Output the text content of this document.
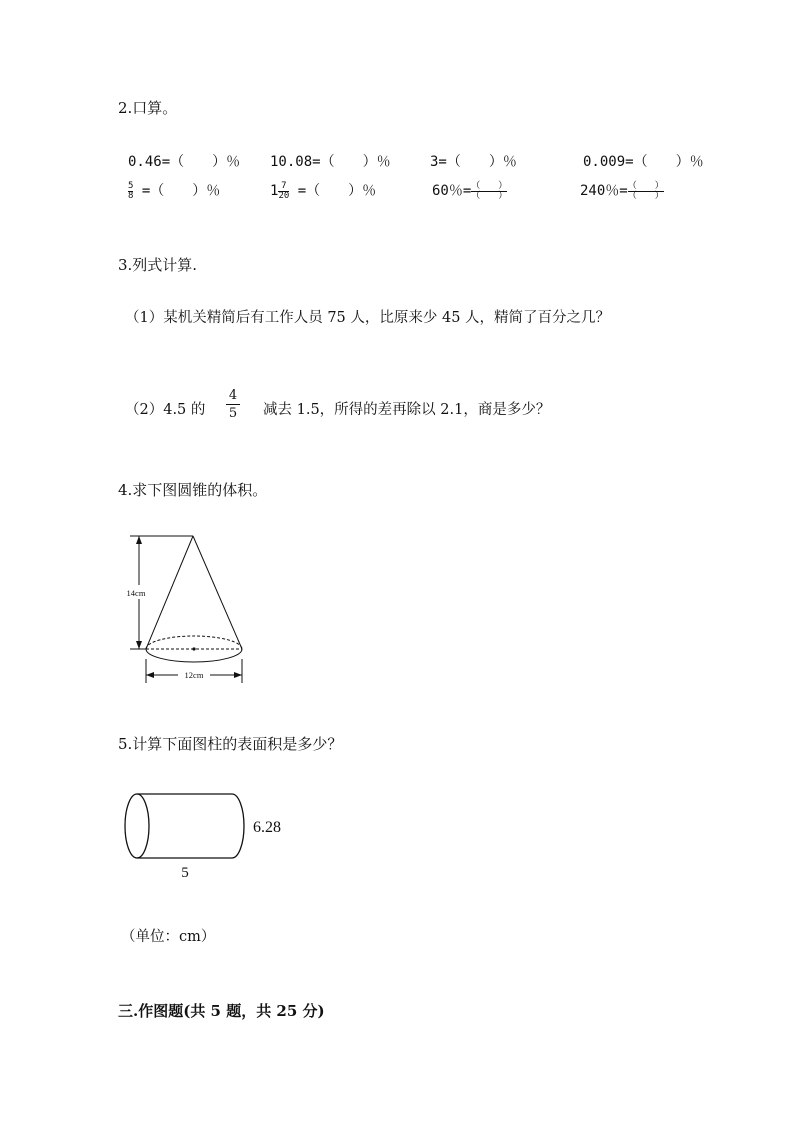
2.口算。
0.46=（　　）％ 10.08=（　　）％	3=（　　）％	0.009=（　　）％
$\frac{5}{8}$ =（　　）％	$1 \frac{7}{20}$ =（　　）％	60％= $\frac{( )}{( )}$	240％= $\frac{( )}{( )}$
3.列式计算.
（1）某机关精简后有工作人员 75 人，比原来少 45 人，精简了百分之几？
（2）4.5 的 $\frac{4}{5}$ 减去 1.5，所得的差再除以 2.1，商是多少？
4.求下图圆锥的体积。
14cm
12cm
5.计算下面图柱的表面积是多少？
6.28
5
（单位：cm）
三.作图题(共 5 题，共 25 分)
